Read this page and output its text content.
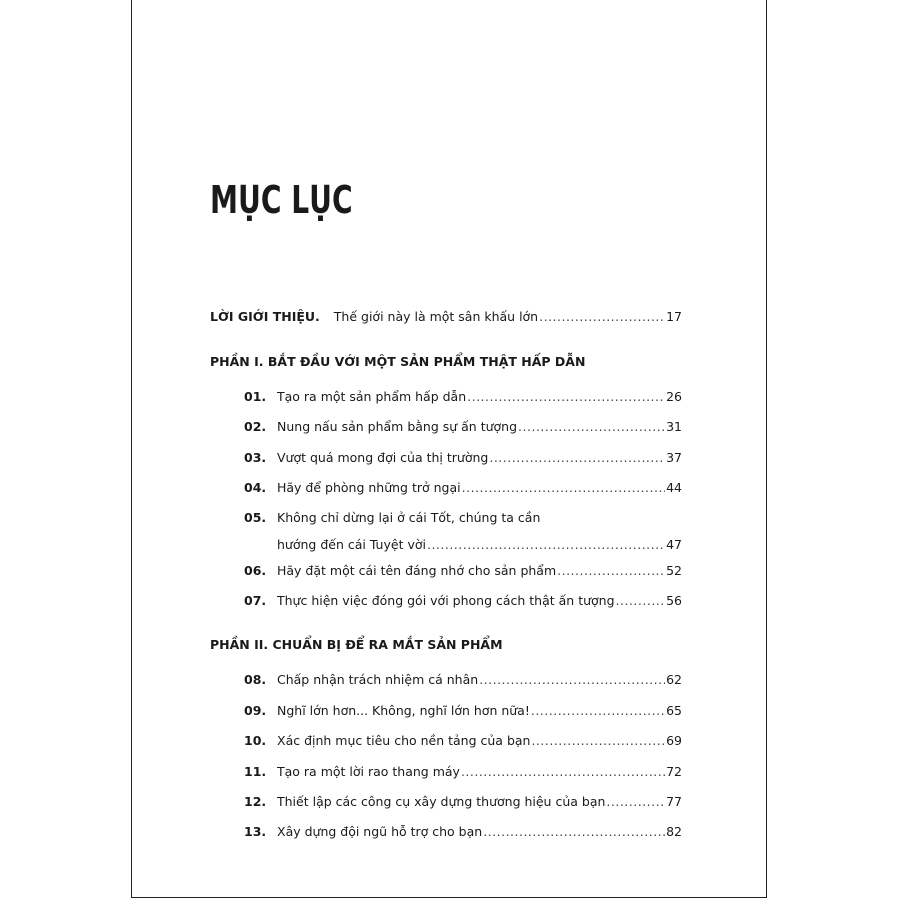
MỤC LỤC
LỜI GIỚI THIỆU. Thế giới này là một sân khấu lớn .....	17
PHẦN I. BẮT ĐẦU VỚI MỘT SẢN PHẨM THẬT HẤP DẪN
01. Tạo ra một sản phẩm hấp dẫn .....	26
02. Nung nấu sản phẩm bằng sự ấn tượng .....	31
03. Vượt quá mong đợi của thị trường .....	37
04. Hãy để phòng những trở ngại .....	44
05. Không chỉ dừng lại ở cái Tốt, chúng ta cần
hướng đến cái Tuyệt vời .....	47
06. Hãy đặt một cái tên đáng nhớ cho sản phẩm .....	52
07. Thực hiện việc đóng gói với phong cách thật ấn tượng .....	56
PHẦN II. CHUẨN BỊ ĐỂ RA MẮT SẢN PHẨM
08. Chấp nhận trách nhiệm cá nhân .....	62
09. Nghĩ lớn hơn... Không, nghĩ lớn hơn nữa! .....	65
10. Xác định mục tiêu cho nền tảng của bạn .....	69
11. Tạo ra một lời rao thang máy .....	72
12. Thiết lập các công cụ xây dựng thương hiệu của bạn .....	77
13. Xây dựng đội ngũ hỗ trợ cho bạn .....	82
